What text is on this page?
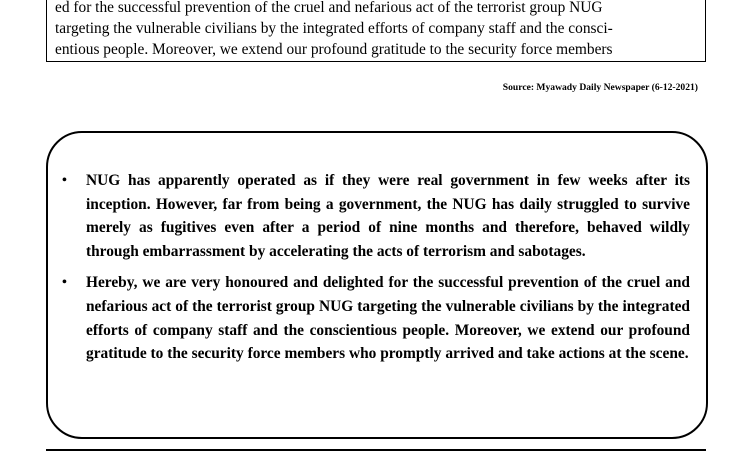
ed for the successful prevention of the cruel and nefarious act of the terrorist group NUG
targeting the vulnerable civilians by the integrated efforts of company staff and the consci-
entious people. Moreover, we extend our profound gratitude to the security force members
Source: Myawady Daily Newspaper (6-12-2021)
• NUG has apparently operated as if they were real government in few weeks after its inception. However, far from being a government, the NUG has daily struggled to survive merely as fugitives even after a period of nine months and therefore, behaved wildly through embarrassment by accelerating the acts of terrorism and sabotages.
• Hereby, we are very honoured and delighted for the successful prevention of the cruel and nefarious act of the terrorist group NUG targeting the vulnerable civilians by the integrated efforts of company staff and the conscientious people. Moreover, we extend our profound gratitude to the security force members who promptly arrived and take actions at the scene.
